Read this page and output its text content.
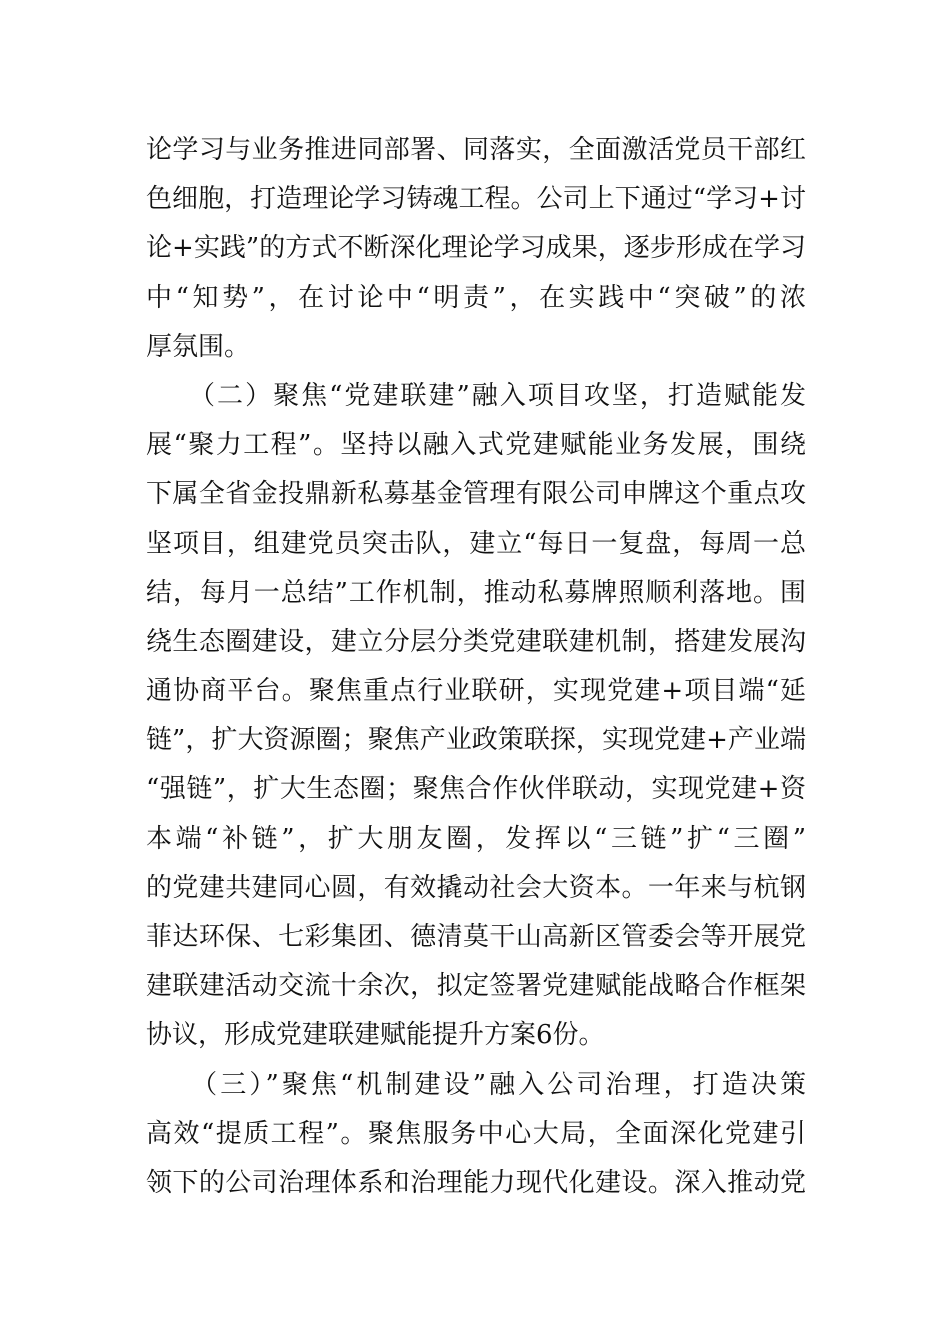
论学习与业务推进同部署、同落实，全面激活党员干部红
色细胞，打造理论学习铸魂工程。公司上下通过“学习+讨
论+实践”的方式不断深化理论学习成果，逐步形成在学习
中“知势”，在讨论中“明责”，在实践中“突破”的浓
厚氛围。
　　（二）聚焦“党建联建”融入项目攻坚，打造赋能发
展“聚力工程”。坚持以融入式党建赋能业务发展，围绕
下属全省金投鼎新私募基金管理有限公司申牌这个重点攻
坚项目，组建党员突击队，建立“每日一复盘，每周一总
结，每月一总结”工作机制，推动私募牌照顺利落地。围
绕生态圈建设，建立分层分类党建联建机制，搭建发展沟
通协商平台。聚焦重点行业联研，实现党建+项目端“延
链”，扩大资源圈；聚焦产业政策联探，实现党建+产业端
“强链”，扩大生态圈；聚焦合作伙伴联动，实现党建+资
本端“补链”，扩大朋友圈，发挥以“三链”扩“三圈”
的党建共建同心圆，有效撬动社会大资本。一年来与杭钢
菲达环保、七彩集团、德清莫干山高新区管委会等开展党
建联建活动交流十余次，拟定签署党建赋能战略合作框架
协议，形成党建联建赋能提升方案6份。
　　（三）”聚焦“机制建设”融入公司治理，打造决策
高效“提质工程”。聚焦服务中心大局，全面深化党建引
领下的公司治理体系和治理能力现代化建设。深入推动党
